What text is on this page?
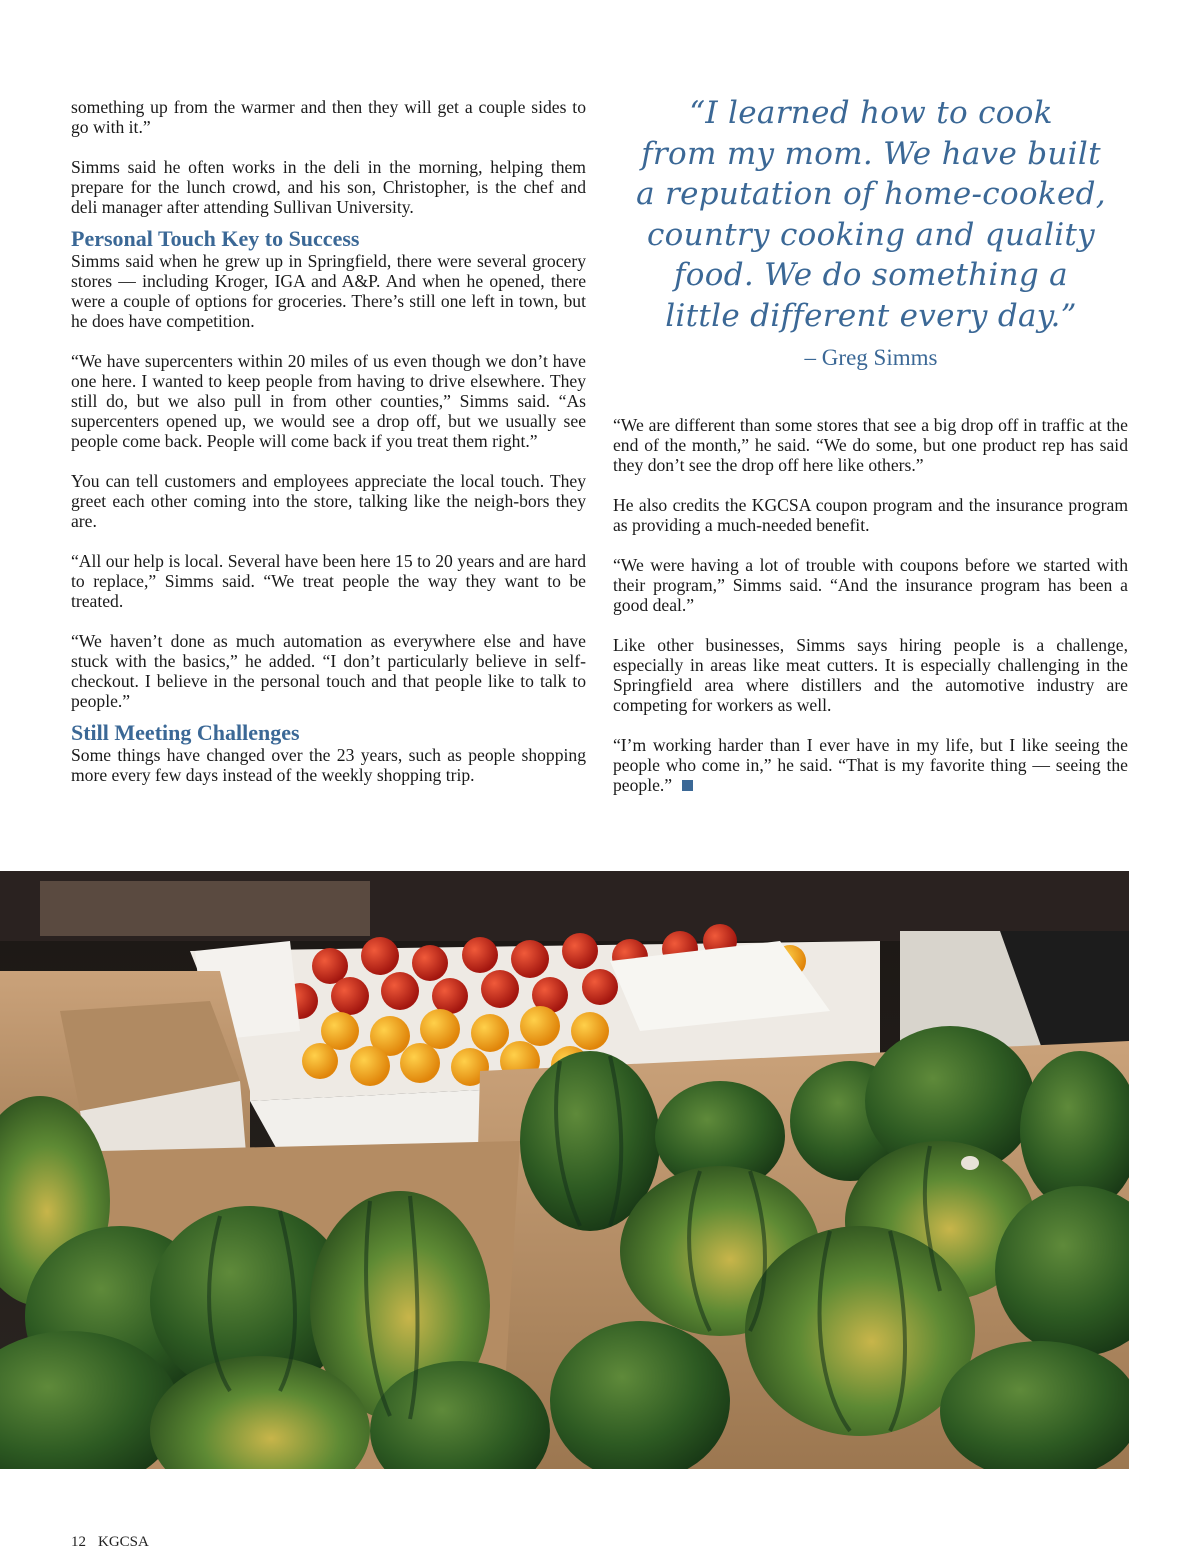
something up from the warmer and then they will get a couple sides to go with it.”

Simms said he often works in the deli in the morning, helping them prepare for the lunch crowd, and his son, Christopher, is the chef and deli manager after attending Sullivan University.

Personal Touch Key to Success

Simms said when he grew up in Springfield, there were several grocery stores — including Kroger, IGA and A&P. And when he opened, there were a couple of options for groceries. There’s still one left in town, but he does have competition.

“We have supercenters within 20 miles of us even though we don’t have one here. I wanted to keep people from having to drive elsewhere. They still do, but we also pull in from other counties,” Simms said. “As supercenters opened up, we would see a drop off, but we usually see people come back. People will come back if you treat them right.”

You can tell customers and employees appreciate the local touch. They greet each other coming into the store, talking like the neigh-bors they are.

“All our help is local. Several have been here 15 to 20 years and are hard to replace,” Simms said. “We treat people the way they want to be treated.

“We haven’t done as much automation as everywhere else and have stuck with the basics,” he added. “I don’t particularly believe in self-checkout. I believe in the personal touch and that people like to talk to people.”

Still Meeting Challenges

Some things have changed over the 23 years, such as people shopping more every few days instead of the weekly shopping trip.

“I learned how to cook
from my mom. We have built
a reputation of home-cooked,
country cooking and quality
food. We do something a
little different every day.”
– Greg Simms

“We are different than some stores that see a big drop off in traffic at the end of the month,” he said. “We do some, but one product rep has said they don’t see the drop off here like others.”

He also credits the KGCSA coupon program and the insurance program as providing a much-needed benefit.

“We were having a lot of trouble with coupons before we started with their program,” Simms said. “And the insurance program has been a good deal.”

Like other businesses, Simms says hiring people is a challenge, especially in areas like meat cutters. It is especially challenging in the Springfield area where distillers and the automotive industry are competing for workers as well.

“I’m working harder than I ever have in my life, but I like seeing the people who come in,” he said. “That is my favorite thing — seeing the people.”

12 KGCSA
